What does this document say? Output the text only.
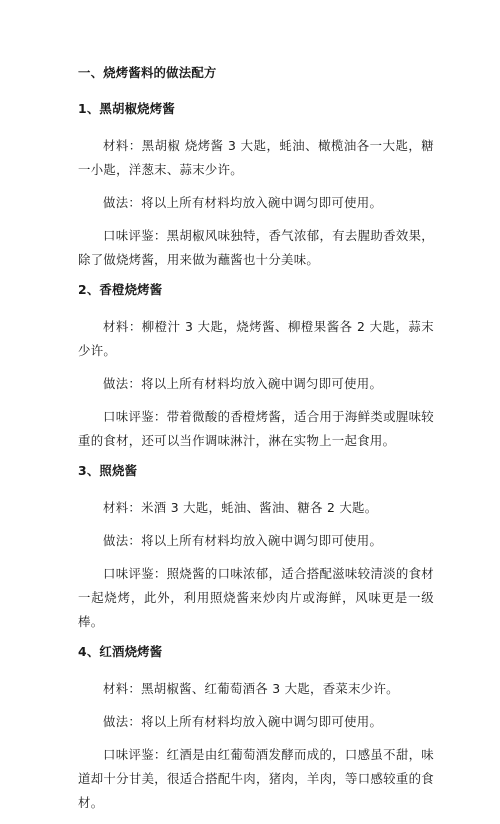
一、烧烤酱料的做法配方
1、黑胡椒烧烤酱

材料：黑胡椒 烧烤酱 3 大匙，蚝油、橄榄油各一大匙，糖一小匙，洋葱末、蒜末少许。

做法：将以上所有材料均放入碗中调匀即可使用。

口味评鉴：黑胡椒风味独特，香气浓郁，有去腥助香效果，除了做烧烤酱，用来做为蘸酱也十分美味。

2、香橙烧烤酱

材料：柳橙汁 3 大匙，烧烤酱、柳橙果酱各 2 大匙，蒜末少许。

做法：将以上所有材料均放入碗中调匀即可使用。

口味评鉴：带着微酸的香橙烤酱，适合用于海鲜类或腥味较重的食材，还可以当作调味淋汁，淋在实物上一起食用。

3、照烧酱

材料：米酒 3 大匙，蚝油、酱油、糖各 2 大匙。

做法：将以上所有材料均放入碗中调匀即可使用。

口味评鉴：照烧酱的口味浓郁，适合搭配滋味较清淡的食材一起烧烤，此外，利用照烧酱来炒肉片或海鲜，风味更是一级棒。

4、红酒烧烤酱

材料：黑胡椒酱、红葡萄酒各 3 大匙，香菜末少许。

做法：将以上所有材料均放入碗中调匀即可使用。

口味评鉴：红酒是由红葡萄酒发酵而成的，口感虽不甜，味道却十分甘美，很适合搭配牛肉，猪肉，羊肉，等口感较重的食材。
